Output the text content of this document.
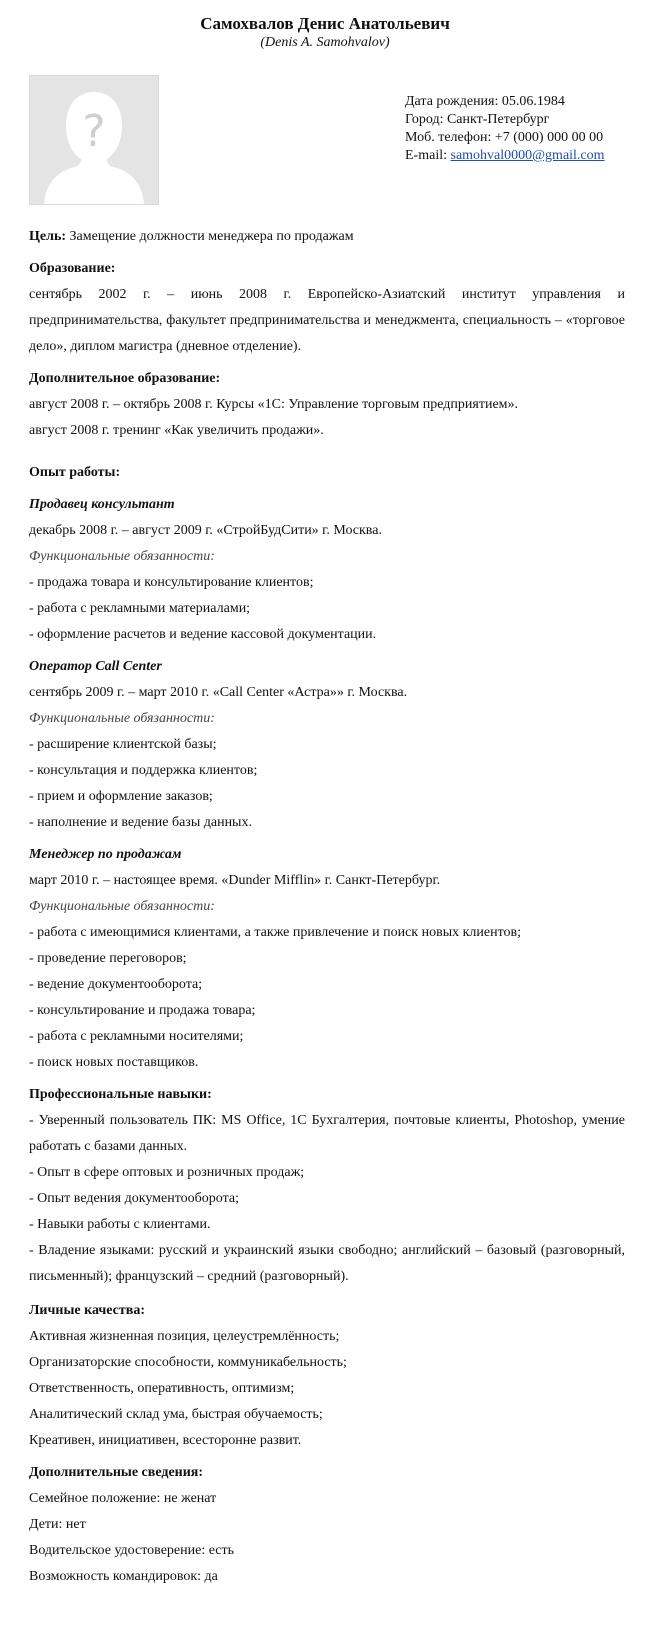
Самохвалов Денис Анатольевич
(Denis A. Samohvalov)
?
Дата рождения: 05.06.1984
Город: Санкт-Петербург
Моб. телефон: +7 (000) 000 00 00
E-mail: samohval0000@gmail.com

Цель: Замещение должности менеджера по продажам

Образование:

сентябрь 2002 г. – июнь 2008 г. Европейско-Азиатский институт управления и предпринимательства, факультет предпринимательства и менеджмента, специальность – «торговое дело», диплом магистра (дневное отделение).

Дополнительное образование:

август 2008 г. – октябрь 2008 г. Курсы «1С: Управление торговым предприятием».

август 2008 г. тренинг «Как увеличить продажи».

Опыт работы:

Продавец консультант

декабрь 2008 г. – август 2009 г. «СтройБудСити» г. Москва.

Функциональные обязанности:

- продажа товара и консультирование клиентов;

- работа с рекламными материалами;

- оформление расчетов и ведение кассовой документации.

Оператор Call Center

сентябрь 2009 г. – март 2010 г. «Call Center «Астра»» г. Москва.

Функциональные обязанности:

- расширение клиентской базы;

- консультация и поддержка клиентов;

- прием и оформление заказов;

- наполнение и ведение базы данных.

Менеджер по продажам

март 2010 г. – настоящее время. «Dunder Mifflin» г. Санкт-Петербург.

Функциональные обязанности:

- работа с имеющимися клиентами, а также привлечение и поиск новых клиентов;

- проведение переговоров;

- ведение документооборота;

- консультирование и продажа товара;

- работа с рекламными носителями;

- поиск новых поставщиков.

Профессиональные навыки:

- Уверенный пользователь ПК: MS Office, 1С Бухгалтерия, почтовые клиенты, Photoshop, умение работать с базами данных.

- Опыт в сфере оптовых и розничных продаж;

- Опыт ведения документооборота;

- Навыки работы с клиентами.

- Владение языками: русский и украинский языки свободно; английский – базовый (разговорный, письменный); французский – средний (разговорный).

Личные качества:

Активная жизненная позиция, целеустремлённость;

Организаторские способности, коммуникабельность;

Ответственность, оперативность, оптимизм;

Аналитический склад ума, быстрая обучаемость;

Креативен, инициативен, всесторонне развит.

Дополнительные сведения:

Семейное положение: не женат

Дети: нет

Водительское удостоверение: есть

Возможность командировок: да
